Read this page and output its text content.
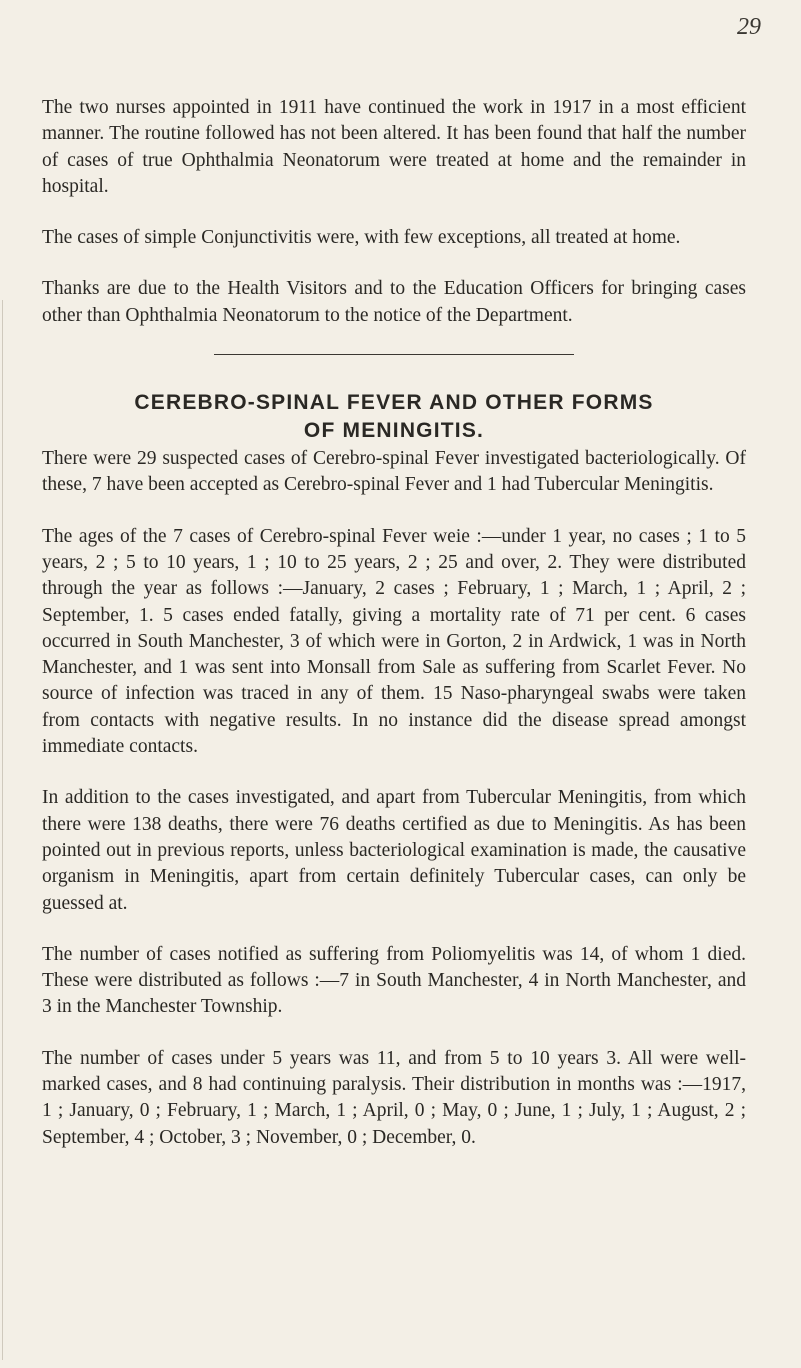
29

The two nurses appointed in 1911 have continued the work in 1917 in a most efficient manner. The routine followed has not been altered. It has been found that half the number of cases of true Ophthalmia Neonatorum were treated at home and the remainder in hospital.

The cases of simple Conjunctivitis were, with few exceptions, all treated at home.

Thanks are due to the Health Visitors and to the Education Officers for bringing cases other than Ophthalmia Neonatorum to the notice of the Department.

CEREBRO-SPINAL FEVER AND OTHER FORMS
OF MENINGITIS.

There were 29 suspected cases of Cerebro-spinal Fever investigated bacteriologically. Of these, 7 have been accepted as Cerebro-spinal Fever and 1 had Tubercular Meningitis.

The ages of the 7 cases of Cerebro-spinal Fever weie :—under 1 year, no cases ; 1 to 5 years, 2 ; 5 to 10 years, 1 ; 10 to 25 years, 2 ; 25 and over, 2. They were distributed through the year as follows :—January, 2 cases ; February, 1 ; March, 1 ; April, 2 ; September, 1. 5 cases ended fatally, giving a mortality rate of 71 per cent. 6 cases occurred in South Manchester, 3 of which were in Gorton, 2 in Ardwick, 1 was in North Manchester, and 1 was sent into Monsall from Sale as suffering from Scarlet Fever. No source of infection was traced in any of them. 15 Naso-pharyngeal swabs were taken from contacts with negative results. In no instance did the disease spread amongst immediate contacts.

In addition to the cases investigated, and apart from Tubercular Meningitis, from which there were 138 deaths, there were 76 deaths certified as due to Meningitis. As has been pointed out in previous reports, unless bacteriological examination is made, the causative organism in Meningitis, apart from certain definitely Tubercular cases, can only be guessed at.

The number of cases notified as suffering from Poliomyelitis was 14, of whom 1 died. These were distributed as follows :—7 in South Manchester, 4 in North Manchester, and 3 in the Manchester Township.

The number of cases under 5 years was 11, and from 5 to 10 years 3. All were well-marked cases, and 8 had continuing paralysis. Their distribution in months was :—1917, 1 ; January, 0 ; February, 1 ; March, 1 ; April, 0 ; May, 0 ; June, 1 ; July, 1 ; August, 2 ; September, 4 ; October, 3 ; November, 0 ; December, 0.
